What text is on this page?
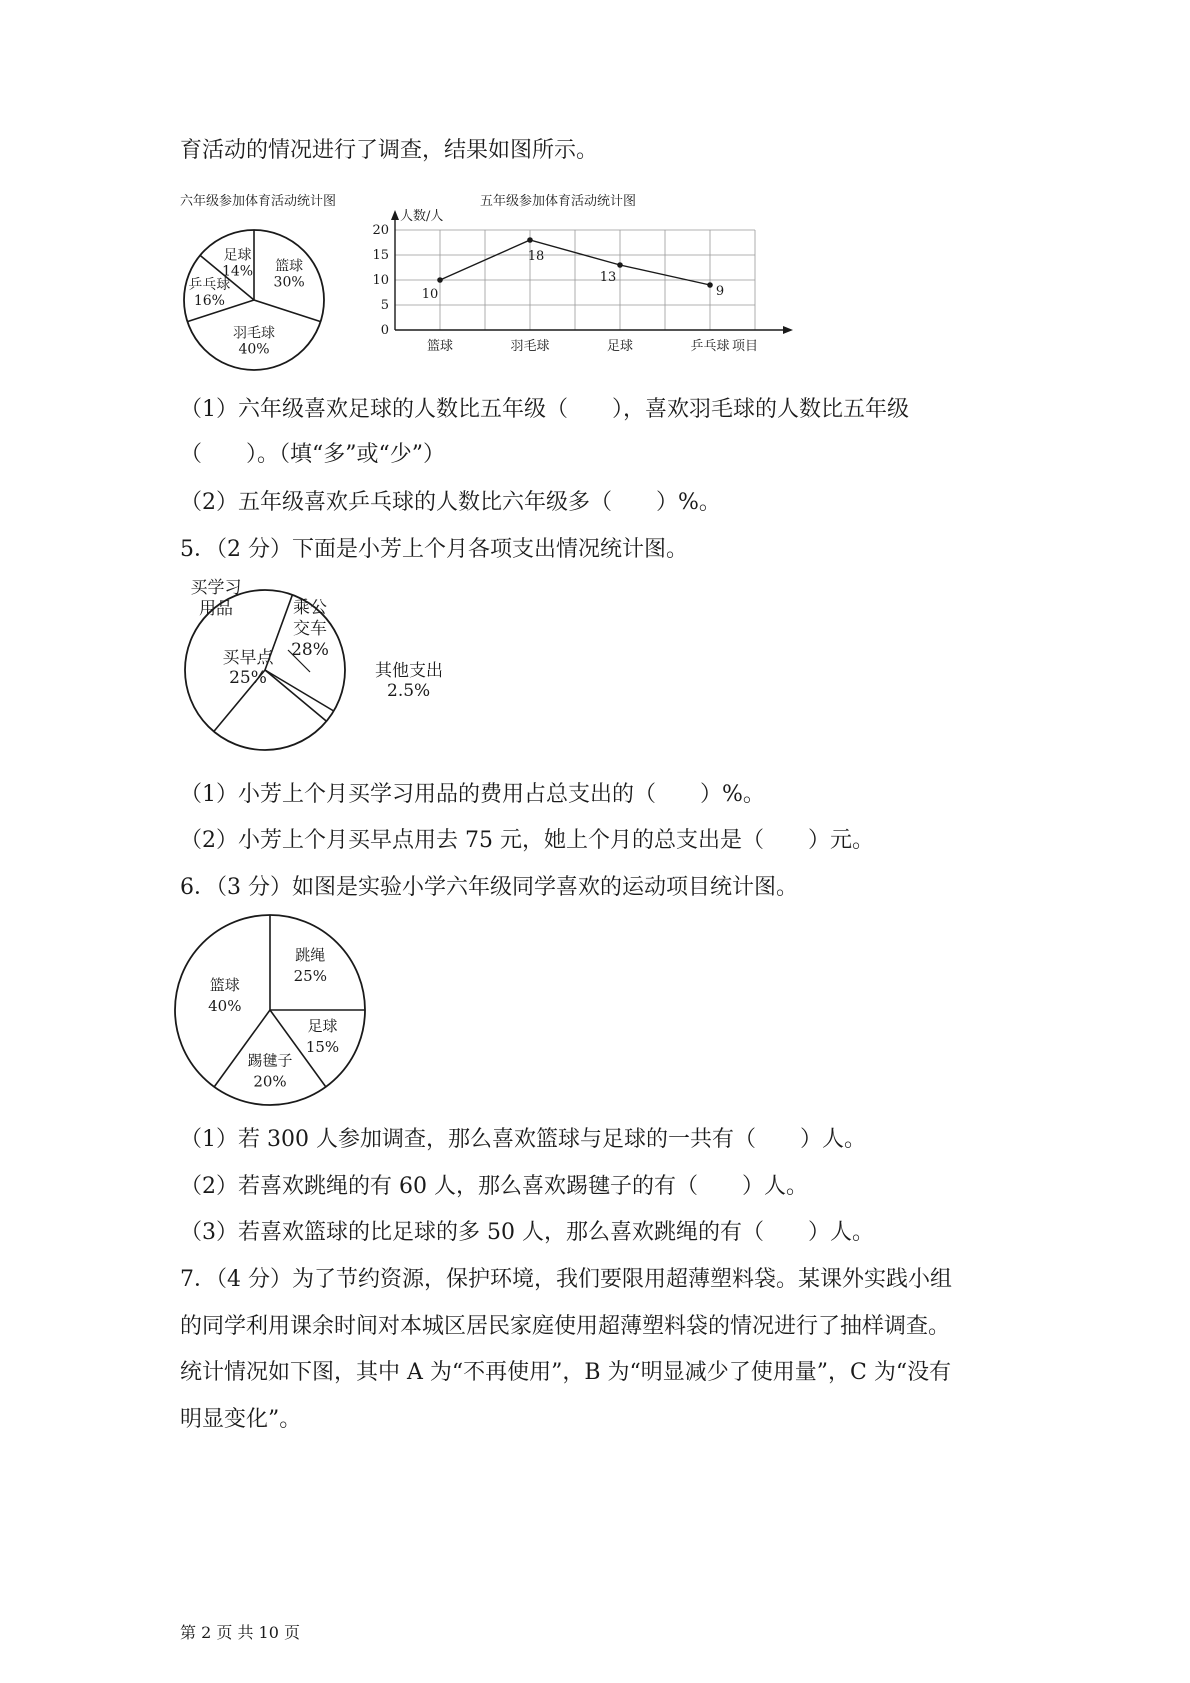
育活动的情况进行了调查，结果如图所示。
六年级参加体育活动统计图	五年级参加体育活动统计图
篮球
30%
羽毛球
40%
乒乓球
16%
足球
14%
人数/人
0
5
10
15
20
篮球	羽毛球	足球	乒乓球 项目
10
18
13
9
（1）六年级喜欢足球的人数比五年级（　　），喜欢羽毛球的人数比五年级
（　　）。（填“多”或“少”）
（2）五年级喜欢乒乓球的人数比六年级多（　　）%。
5．（2 分）下面是小芳上个月各项支出情况统计图。
乘公
交车
28%
其他支出
2.5%
买早点
25%
买学习
用品
（1）小芳上个月买学习用品的费用占总支出的（　　）%。
（2）小芳上个月买早点用去 75 元，她上个月的总支出是（　　）元。
6．（3 分）如图是实验小学六年级同学喜欢的运动项目统计图。
跳绳
25%
足球
15%
踢毽子
20%
篮球
40%
（1）若 300 人参加调查，那么喜欢篮球与足球的一共有（　　）人。
（2）若喜欢跳绳的有 60 人，那么喜欢踢毽子的有（　　）人。
（3）若喜欢篮球的比足球的多 50 人，那么喜欢跳绳的有（　　）人。
7．（4 分）为了节约资源，保护环境，我们要限用超薄塑料袋。某课外实践小组
的同学利用课余时间对本城区居民家庭使用超薄塑料袋的情况进行了抽样调查。
统计情况如下图，其中 A 为“不再使用”，B 为“明显减少了使用量”，C 为“没有
明显变化”。
第 2 页 共 10 页
